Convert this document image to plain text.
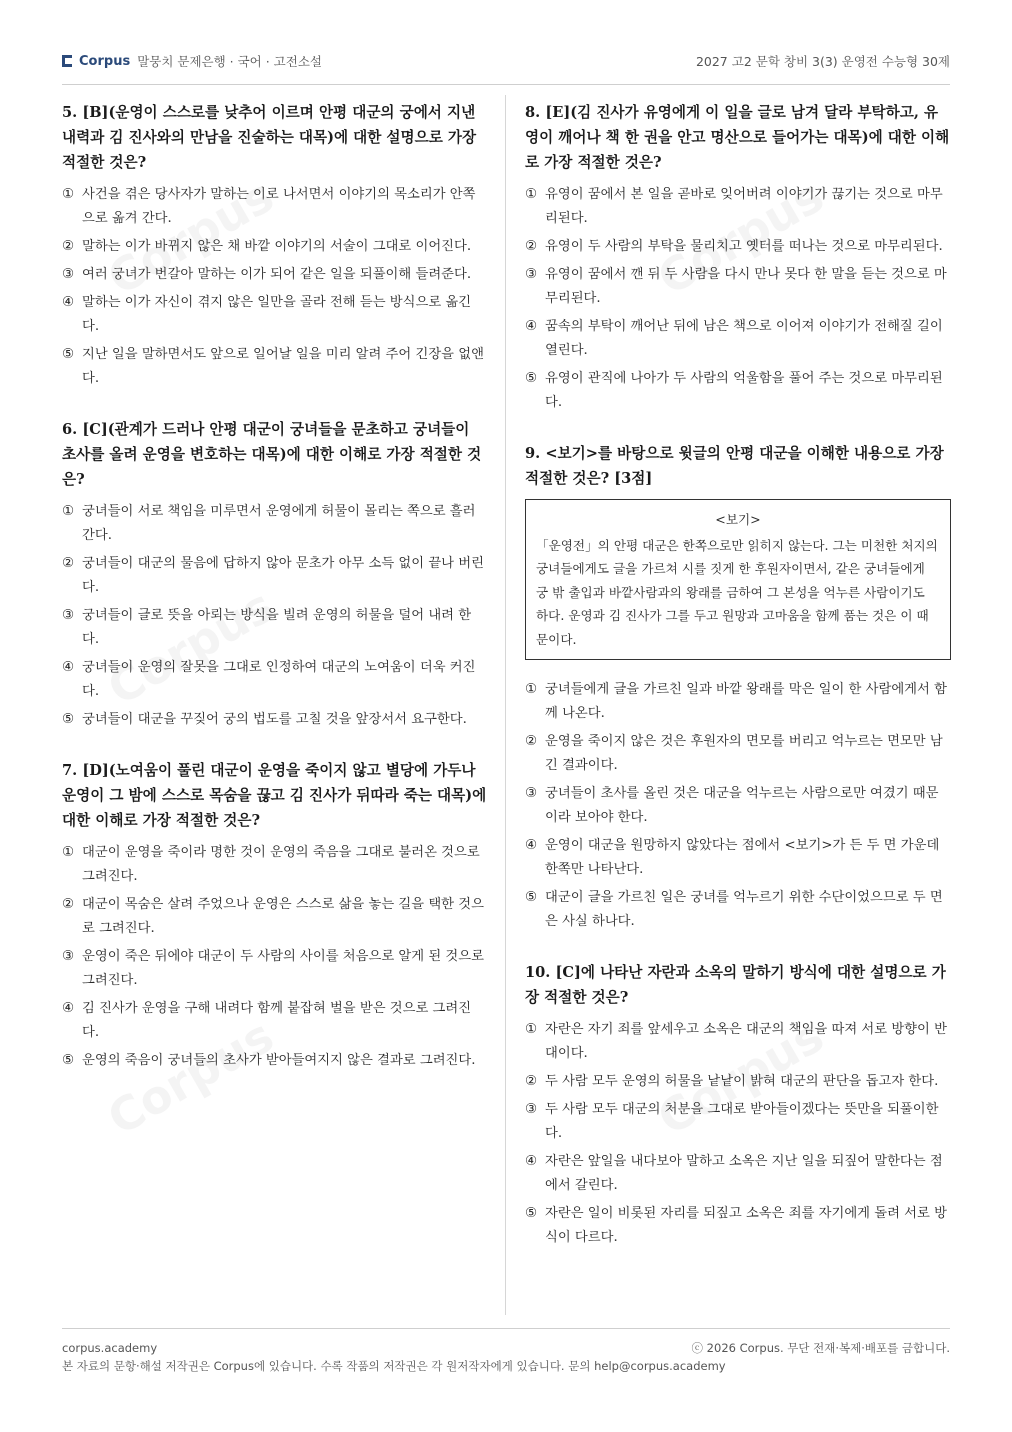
Corpus 말뭉치 문제은행 · 국어 · 고전소설	2027 고2 문학 창비 3(3) 운영전 수능형 30제
5. [B](운영이 스스로를 낮추어 이르며 안평 대군의 궁에서 지낸 내력과 김 진사와의 만남을 진술하는 대목)에 대한 설명으로 가장 적절한 것은?
① 사건을 겪은 당사자가 말하는 이로 나서면서 이야기의 목소리가 안쪽으로 옮겨 간다.
② 말하는 이가 바뀌지 않은 채 바깥 이야기의 서술이 그대로 이어진다.
③ 여러 궁녀가 번갈아 말하는 이가 되어 같은 일을 되풀이해 들려준다.
④ 말하는 이가 자신이 겪지 않은 일만을 골라 전해 듣는 방식으로 옮긴다.
⑤ 지난 일을 말하면서도 앞으로 일어날 일을 미리 알려 주어 긴장을 없앤다.
6. [C](관계가 드러나 안평 대군이 궁녀들을 문초하고 궁녀들이 초사를 올려 운영을 변호하는 대목)에 대한 이해로 가장 적절한 것은?
① 궁녀들이 서로 책임을 미루면서 운영에게 허물이 몰리는 쪽으로 흘러간다.
② 궁녀들이 대군의 물음에 답하지 않아 문초가 아무 소득 없이 끝나 버린다.
③ 궁녀들이 글로 뜻을 아뢰는 방식을 빌려 운영의 허물을 덜어 내려 한다.
④ 궁녀들이 운영의 잘못을 그대로 인정하여 대군의 노여움이 더욱 커진다.
⑤ 궁녀들이 대군을 꾸짖어 궁의 법도를 고칠 것을 앞장서서 요구한다.
7. [D](노여움이 풀린 대군이 운영을 죽이지 않고 별당에 가두나 운영이 그 밤에 스스로 목숨을 끊고 김 진사가 뒤따라 죽는 대목)에 대한 이해로 가장 적절한 것은?
① 대군이 운영을 죽이라 명한 것이 운영의 죽음을 그대로 불러온 것으로 그려진다.
② 대군이 목숨은 살려 주었으나 운영은 스스로 삶을 놓는 길을 택한 것으로 그려진다.
③ 운영이 죽은 뒤에야 대군이 두 사람의 사이를 처음으로 알게 된 것으로 그려진다.
④ 김 진사가 운영을 구해 내려다 함께 붙잡혀 벌을 받은 것으로 그려진다.
⑤ 운영의 죽음이 궁녀들의 초사가 받아들여지지 않은 결과로 그려진다.
8. [E](김 진사가 유영에게 이 일을 글로 남겨 달라 부탁하고, 유영이 깨어나 책 한 권을 안고 명산으로 들어가는 대목)에 대한 이해로 가장 적절한 것은?
① 유영이 꿈에서 본 일을 곧바로 잊어버려 이야기가 끊기는 것으로 마무리된다.
② 유영이 두 사람의 부탁을 물리치고 옛터를 떠나는 것으로 마무리된다.
③ 유영이 꿈에서 깬 뒤 두 사람을 다시 만나 못다 한 말을 듣는 것으로 마무리된다.
④ 꿈속의 부탁이 깨어난 뒤에 남은 책으로 이어져 이야기가 전해질 길이 열린다.
⑤ 유영이 관직에 나아가 두 사람의 억울함을 풀어 주는 것으로 마무리된다.
9. <보기>를 바탕으로 윗글의 안평 대군을 이해한 내용으로 가장 적절한 것은? [3점]
<보기>
「운영전」의 안평 대군은 한쪽으로만 읽히지 않는다. 그는 미천한 처지의 궁녀들에게도 글을 가르쳐 시를 짓게 한 후원자이면서, 같은 궁녀들에게 궁 밖 출입과 바깥사람과의 왕래를 금하여 그 본성을 억누른 사람이기도 하다. 운영과 김 진사가 그를 두고 원망과 고마움을 함께 품는 것은 이 때문이다.
① 궁녀들에게 글을 가르친 일과 바깥 왕래를 막은 일이 한 사람에게서 함께 나온다.
② 운영을 죽이지 않은 것은 후원자의 면모를 버리고 억누르는 면모만 남긴 결과이다.
③ 궁녀들이 초사를 올린 것은 대군을 억누르는 사람으로만 여겼기 때문이라 보아야 한다.
④ 운영이 대군을 원망하지 않았다는 점에서 <보기>가 든 두 면 가운데 한쪽만 나타난다.
⑤ 대군이 글을 가르친 일은 궁녀를 억누르기 위한 수단이었으므로 두 면은 사실 하나다.
10. [C]에 나타난 자란과 소옥의 말하기 방식에 대한 설명으로 가장 적절한 것은?
① 자란은 자기 죄를 앞세우고 소옥은 대군의 책임을 따져 서로 방향이 반대이다.
② 두 사람 모두 운영의 허물을 낱낱이 밝혀 대군의 판단을 돕고자 한다.
③ 두 사람 모두 대군의 처분을 그대로 받아들이겠다는 뜻만을 되풀이한다.
④ 자란은 앞일을 내다보아 말하고 소옥은 지난 일을 되짚어 말한다는 점에서 갈린다.
⑤ 자란은 일이 비롯된 자리를 되짚고 소옥은 죄를 자기에게 돌려 서로 방식이 다르다.
corpus.academy	ⓒ 2026 Corpus. 무단 전재·복제·배포를 금합니다.
본 자료의 문항·해설 저작권은 Corpus에 있습니다. 수록 작품의 저작권은 각 원저작자에게 있습니다. 문의 help@corpus.academy
